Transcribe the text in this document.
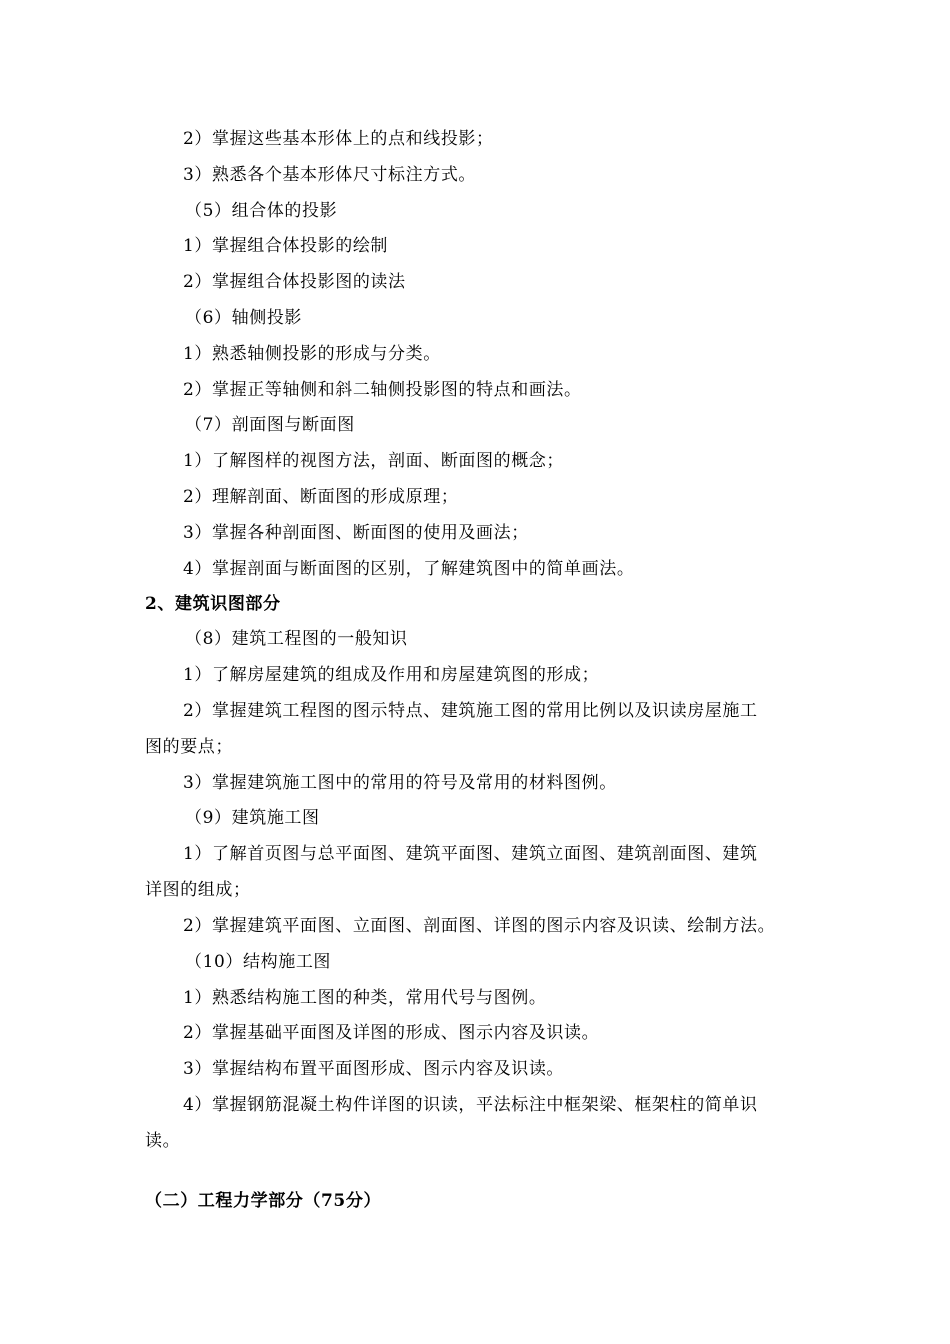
2）掌握这些基本形体上的点和线投影；
3）熟悉各个基本形体尺寸标注方式。
（5）组合体的投影
1）掌握组合体投影的绘制
2）掌握组合体投影图的读法
（6）轴侧投影
1）熟悉轴侧投影的形成与分类。
2）掌握正等轴侧和斜二轴侧投影图的特点和画法。
（7）剖面图与断面图
1）了解图样的视图方法，剖面、断面图的概念；
2）理解剖面、断面图的形成原理；
3）掌握各种剖面图、断面图的使用及画法；
4）掌握剖面与断面图的区别，了解建筑图中的简单画法。
2、建筑识图部分
（8）建筑工程图的一般知识
1）了解房屋建筑的组成及作用和房屋建筑图的形成；
2）掌握建筑工程图的图示特点、建筑施工图的常用比例以及识读房屋施工
图的要点；
3）掌握建筑施工图中的常用的符号及常用的材料图例。
（9）建筑施工图
1）了解首页图与总平面图、建筑平面图、建筑立面图、建筑剖面图、建筑
详图的组成；
2）掌握建筑平面图、立面图、剖面图、详图的图示内容及识读、绘制方法。
（10）结构施工图
1）熟悉结构施工图的种类，常用代号与图例。
2）掌握基础平面图及详图的形成、图示内容及识读。
3）掌握结构布置平面图形成、图示内容及识读。
4）掌握钢筋混凝土构件详图的识读，平法标注中框架梁、框架柱的简单识
读。
（二）工程力学部分（75分）
